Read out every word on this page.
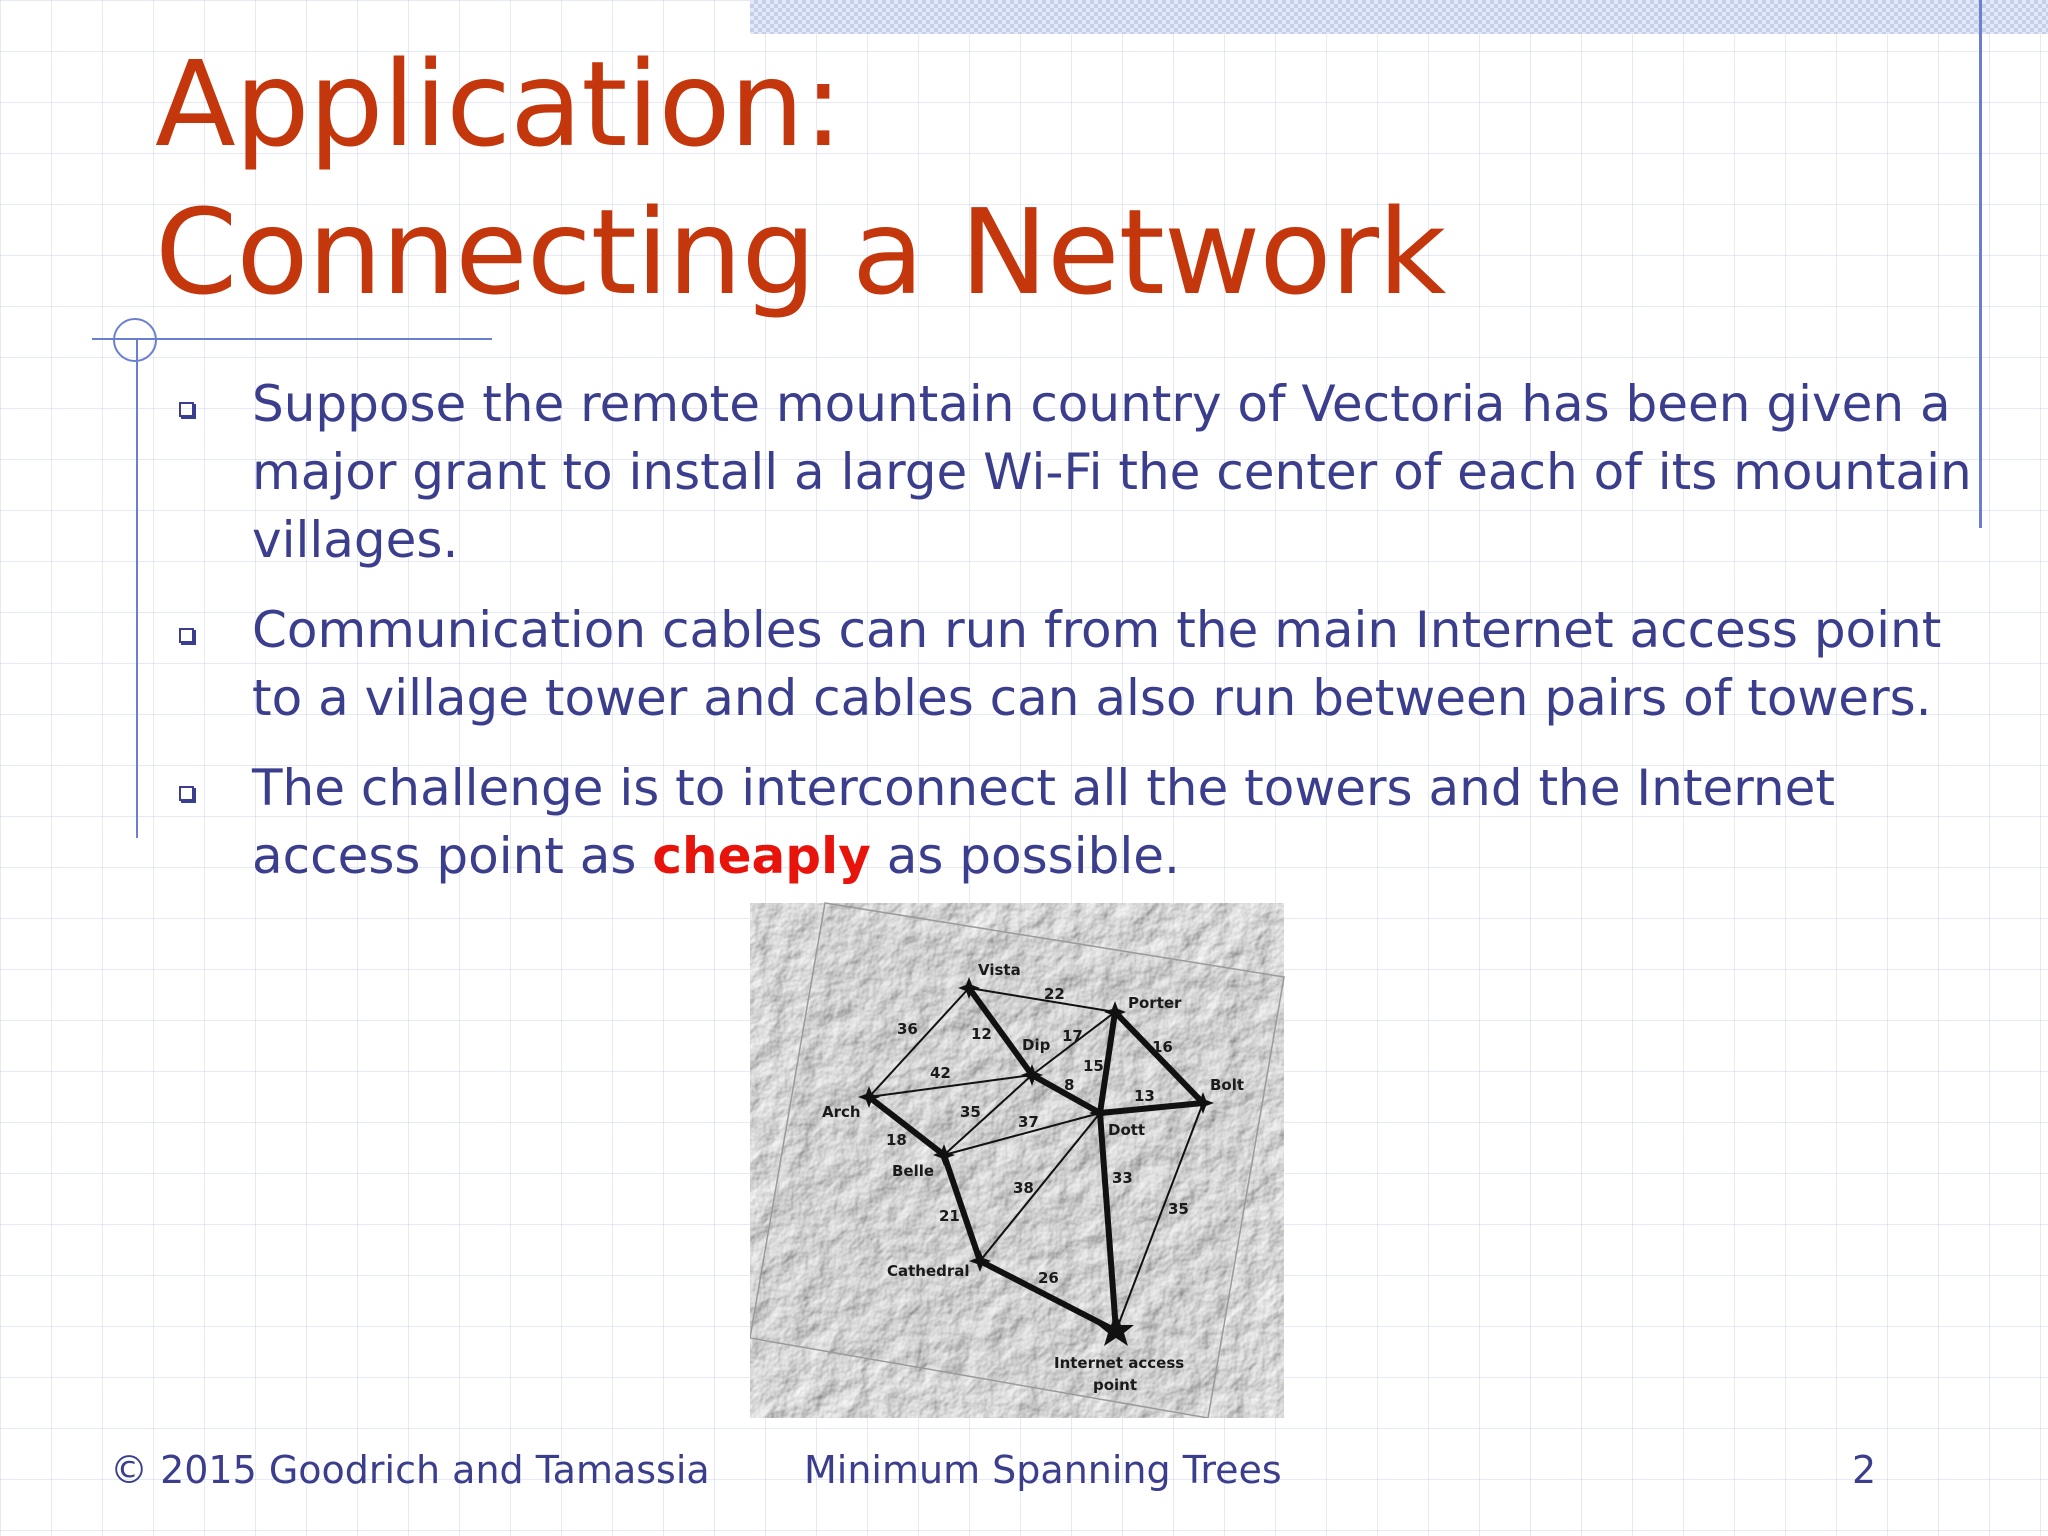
Application:
Connecting a Network
Suppose the remote mountain country of Vectoria has been given a major grant to install a large Wi-Fi the center of each of its mountain villages.
Communication cables can run from the main Internet access point to a village tower and cables can also run between pairs of towers.
The challenge is to interconnect all the towers and the Internet access point as cheaply as possible.
Vista
Porter
Dip
Bolt
Arch
Dott
Belle
Cathedral
Internet access
point
22
36	12	17
15
16
42
8
13
35
37
18
38
33
35
21
26
© 2015 Goodrich and Tamassia Minimum Spanning Trees	2
